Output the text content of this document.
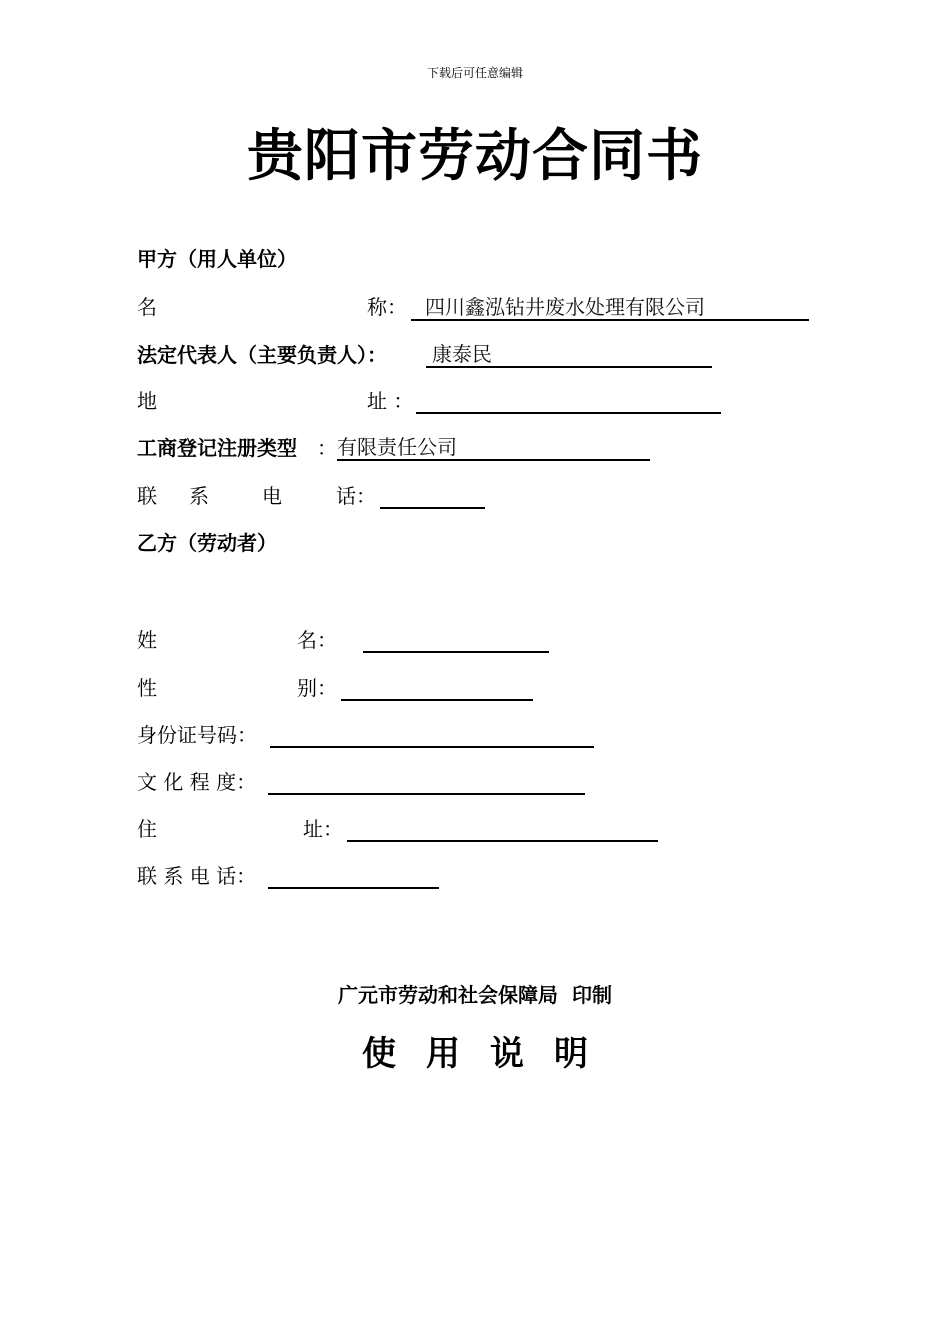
下载后可任意编辑
贵阳市劳动合同书
甲方（用人单位）
名	称： 四川鑫泓钻井废水处理有限公司
法定代表人（主要负责人）： 康泰民
地	址 ：
工商登记注册类型 ： 有限责任公司
联 系	电	话：
乙方（劳动者）
姓	名：
性	别：
身份证号码：
文 化 程 度：
住	址：
联 系 电 话：
广元市劳动和社会保障局  印制
使用说明
